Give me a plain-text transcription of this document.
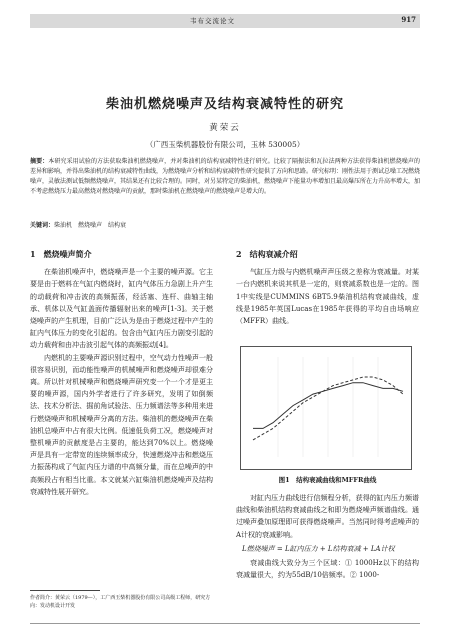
韦布交流论文	917
柴油机燃烧噪声及结构衰减特性的研究
黄荣云
（广西玉柴机器股份有限公司，玉林 530005）
摘要：本研究采用试验的方法获取柴油机燃烧噪声，并对柴油机的结构衰减特性进行研究。比较了隔振法和瓦拉法两种方法获得柴油机燃烧噪声的差异和影响，并得出柴油机的结构衰减特性曲线，为燃烧噪声分析和结构衰减特性研究提供了方向和思路。研究标明：刚性法用于测试总噪工况燃烧噪声，灵敏法测试低频燃烧噪声，其结果还有比较合理的。同时，对另某特定的柴油机，燃烧噪声下能量功率增加且最高爆压所在力升高率增大，加不考虑燃烧压力最高燃烧对燃烧噪声的贡献，那时柴油机在燃烧噪声的燃烧噪声是增大的。
关键词：柴油机　燃烧噪声　结构衰
1　燃烧噪声简介

在柴油机噪声中，燃烧噪声是一个主要的噪声源。它主要是由于燃料在气缸内燃烧时，缸内气体压力急剧上升产生的动载荷和冲击波的高频振荡，经活塞、连杆、曲轴主轴承、机体以及气缸盖面传播辐射出来的噪声[1-3]。关于燃烧噪声的产生机理，目前广泛认为是由于燃烧过程中产生的缸内气体压力的变化引起的。包含由气缸内压力剧变引起的动力载荷和由冲击波引起气体的高频振动[4]。

内燃机的主要噪声源识别过程中，空气动力性噪声一般很容易识别，而动能性噪声的机械噪声和燃烧噪声却很难分离。所以针对机械噪声和燃烧噪声研究变一个一个才是更主要的噪声源，国内外学者进行了许多研究，发明了如倒频法、技术分析法、掘前角试验法、压力频谱法等多种用来进行燃烧噪声和机械噪声分离的方法。柴油机的燃烧噪声在柴油机总噪声中占有很大比例。低速低负荷工况，燃烧噪声对整机噪声的贡献度是占主要的，能达到70%以上。燃烧噪声是具有一定带宽的连续频率成分，快速燃烧冲击和燃烧压力振荡构成了气缸内压力谱的中高频分量，而在总噪声的中高频段占有相当比重。本文就某六缸柴油机燃烧噪声及结构衰减特性展开研究。

2　结构衰减介绍

气缸压力级与内燃机噪声声压级之差称为衰减量。对某一台内燃机来说其机是一定的，则衰减系数也是一定的。图1中实线是CUMMINS 6BT5.9柴油机结构衰减曲线，虚线是1985年英国Lucas在1985年获得的平均自由场响应（MFFR）曲线。

图1　结构衰减曲线和MFFR曲线

对缸内压力曲线进行信频程分析，获得的缸内压力频谱曲线和柴油机结构衰减曲线之和即为燃烧噪声频谱曲线。通过噪声叠加原理即可获得燃烧噪声。当然同时得考虑噪声的A计权的衰减影响。

L燃烧噪声 = L缸内压力 + L结构衰减 + LA计权

衰减曲线大致分为三个区域：① 1000Hz以下的结构衰减量很大，约为55dB/10倍频率。② 1000-

作者简介：黄荣云（1979—），工广西玉柴机器股份有限公司高级工程师，研究方向：发动机设计开发
